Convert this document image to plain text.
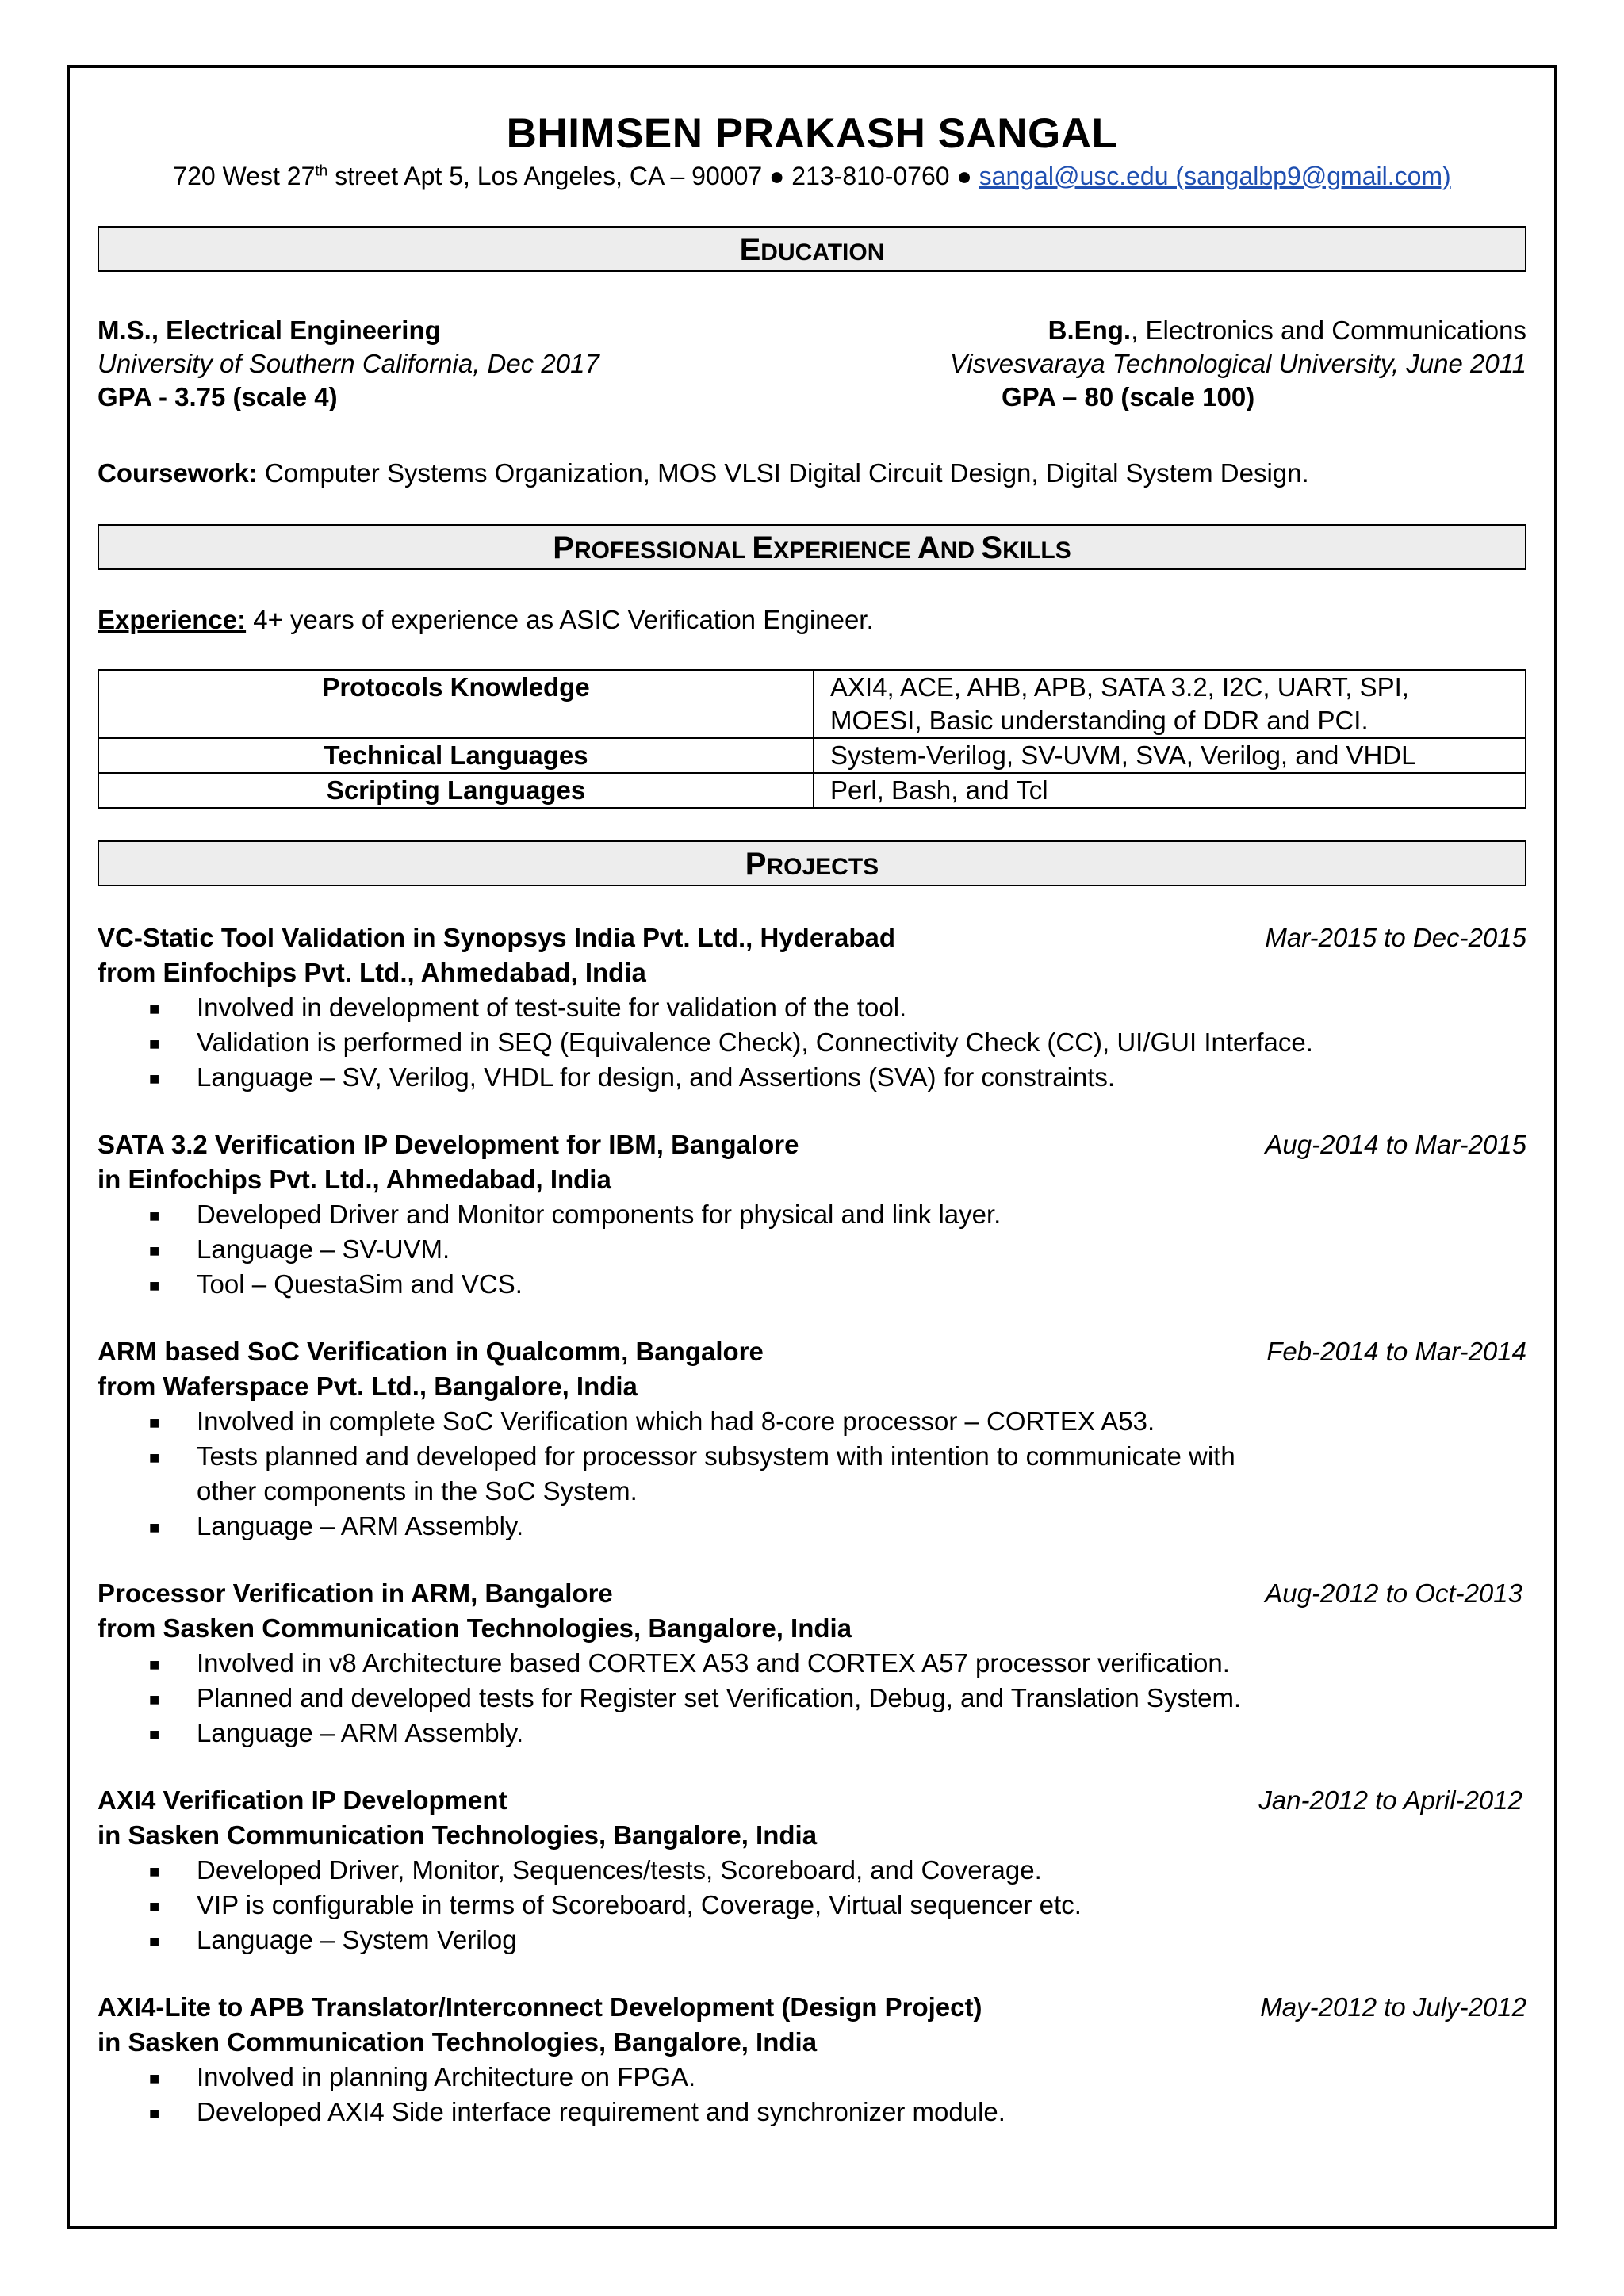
BHIMSEN PRAKASH SANGAL
720 West 27th street Apt 5, Los Angeles, CA – 90007 ● 213-810-0760 ● sangal@usc.edu (sangalbp9@gmail.com)
EDUCATION
M.S., Electrical Engineering
University of Southern California, Dec 2017
GPA - 3.75 (scale 4)
B.Eng., Electronics and Communications
Visvesvaraya Technological University, June 2011
GPA – 80 (scale 100)
Coursework: Computer Systems Organization, MOS VLSI Digital Circuit Design, Digital System Design.
PROFESSIONAL EXPERIENCE AND SKILLS
Experience: 4+ years of experience as ASIC Verification Engineer.
Protocols Knowledge	AXI4, ACE, AHB, APB, SATA 3.2, I2C, UART, SPI,
MOESI, Basic understanding of DDR and PCI.
Technical Languages	System-Verilog, SV-UVM, SVA, Verilog, and VHDL
Scripting Languages	Perl, Bash, and Tcl
PROJECTS
VC-Static Tool Validation in Synopsys India Pvt. Ltd., Hyderabad	Mar-2015 to Dec-2015
from Einfochips Pvt. Ltd., Ahmedabad, India
■ Involved in development of test-suite for validation of the tool.
■ Validation is performed in SEQ (Equivalence Check), Connectivity Check (CC), UI/GUI Interface.
■ Language – SV, Verilog, VHDL for design, and Assertions (SVA) for constraints.
SATA 3.2 Verification IP Development for IBM, Bangalore	Aug-2014 to Mar-2015
in Einfochips Pvt. Ltd., Ahmedabad, India
■ Developed Driver and Monitor components for physical and link layer.
■ Language – SV-UVM.
■ Tool – QuestaSim and VCS.
ARM based SoC Verification in Qualcomm, Bangalore	Feb-2014 to Mar-2014
from Waferspace Pvt. Ltd., Bangalore, India
■ Involved in complete SoC Verification which had 8-core processor – CORTEX A53.
■ Tests planned and developed for processor subsystem with intention to communicate with
other components in the SoC System.
■ Language – ARM Assembly.
Processor Verification in ARM, Bangalore	Aug-2012 to Oct-2013
from Sasken Communication Technologies, Bangalore, India
■ Involved in v8 Architecture based CORTEX A53 and CORTEX A57 processor verification.
■ Planned and developed tests for Register set Verification, Debug, and Translation System.
■ Language – ARM Assembly.
AXI4 Verification IP Development	Jan-2012 to April-2012
in Sasken Communication Technologies, Bangalore, India
■ Developed Driver, Monitor, Sequences/tests, Scoreboard, and Coverage.
■ VIP is configurable in terms of Scoreboard, Coverage, Virtual sequencer etc.
■ Language – System Verilog
AXI4-Lite to APB Translator/Interconnect Development (Design Project)	May-2012 to July-2012
in Sasken Communication Technologies, Bangalore, India
■ Involved in planning Architecture on FPGA.
■ Developed AXI4 Side interface requirement and synchronizer module.
